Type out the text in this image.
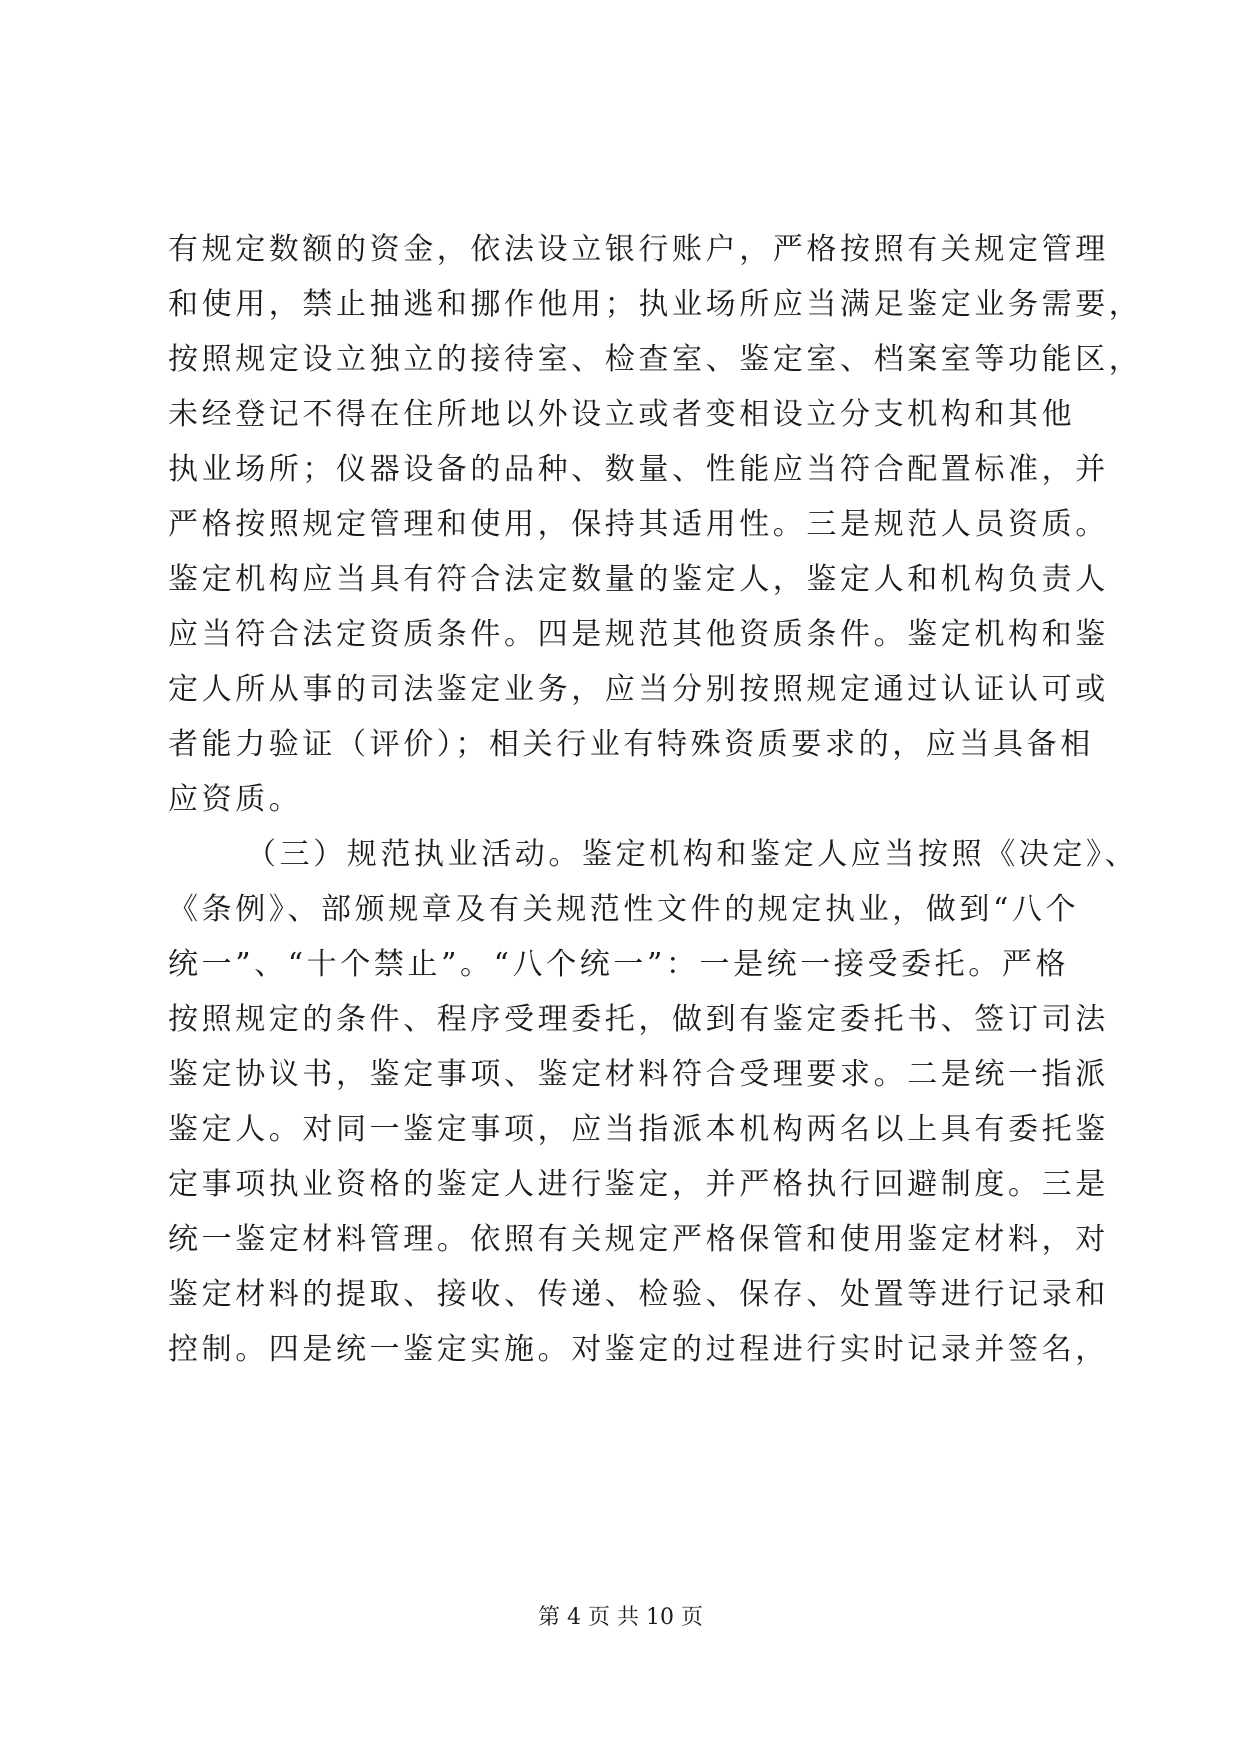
有规定数额的资金，依法设立银行账户，严格按照有关规定管理
和使用，禁止抽逃和挪作他用；执业场所应当满足鉴定业务需要，
按照规定设立独立的接待室、检查室、鉴定室、档案室等功能区，
未经登记不得在住所地以外设立或者变相设立分支机构和其他
执业场所；仪器设备的品种、数量、性能应当符合配置标准，并
严格按照规定管理和使用，保持其适用性。三是规范人员资质。
鉴定机构应当具有符合法定数量的鉴定人，鉴定人和机构负责人
应当符合法定资质条件。四是规范其他资质条件。鉴定机构和鉴
定人所从事的司法鉴定业务，应当分别按照规定通过认证认可或
者能力验证（评价）；相关行业有特殊资质要求的，应当具备相
应资质。
（三）规范执业活动。鉴定机构和鉴定人应当按照《决定》、
《条例》、部颁规章及有关规范性文件的规定执业，做到“八个
统一”、“十个禁止”。“八个统一”：一是统一接受委托。严格
按照规定的条件、程序受理委托，做到有鉴定委托书、签订司法
鉴定协议书，鉴定事项、鉴定材料符合受理要求。二是统一指派
鉴定人。对同一鉴定事项，应当指派本机构两名以上具有委托鉴
定事项执业资格的鉴定人进行鉴定，并严格执行回避制度。三是
统一鉴定材料管理。依照有关规定严格保管和使用鉴定材料，对
鉴定材料的提取、接收、传递、检验、保存、处置等进行记录和
控制。四是统一鉴定实施。对鉴定的过程进行实时记录并签名，
第 4 页 共 10 页
